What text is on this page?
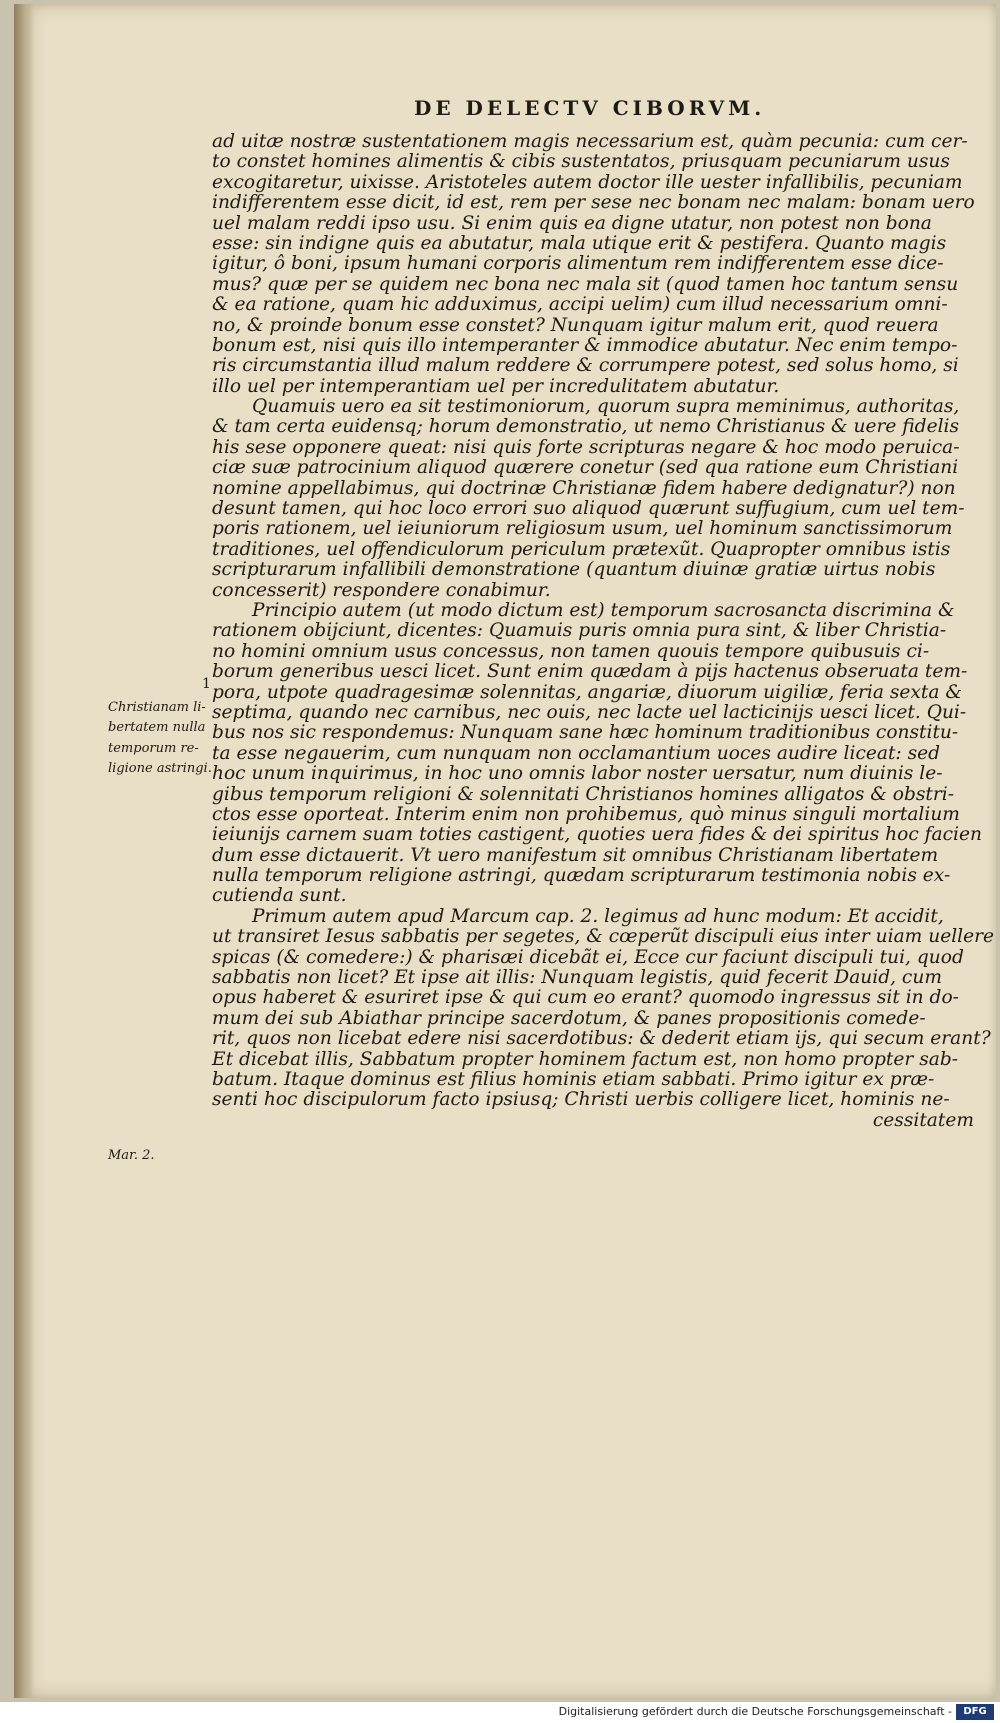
DE DELECTV CIBORVM.
1
Christianam li-
bertatem nulla
temporum re-
ligione astringi.
Mar. 2.
ad uitæ nostræ sustentationem magis necessarium est, quàm pecunia: cum cer-
to constet homines alimentis & cibis sustentatos, priusquam pecuniarum usus
excogitaretur, uixisse. Aristoteles autem doctor ille uester infallibilis, pecuniam
indifferentem esse dicit, id est, rem per sese nec bonam nec malam: bonam uero
uel malam reddi ipso usu. Si enim quis ea digne utatur, non potest non bona
esse: sin indigne quis ea abutatur, mala utique erit & pestifera. Quanto magis
igitur, ô boni, ipsum humani corporis alimentum rem indifferentem esse dice-
mus? quæ per se quidem nec bona nec mala sit (quod tamen hoc tantum sensu
& ea ratione, quam hic adduximus, accipi uelim) cum illud necessarium omni-
no, & proinde bonum esse constet? Nunquam igitur malum erit, quod reuera
bonum est, nisi quis illo intemperanter & immodice abutatur. Nec enim tempo-
ris circumstantia illud malum reddere & corrumpere potest, sed solus homo, si
illo uel per intemperantiam uel per incredulitatem abutatur.
Quamuis uero ea sit testimoniorum, quorum supra meminimus, authoritas,
& tam certa euidensq; horum demonstratio, ut nemo Christianus & uere fidelis
his sese opponere queat: nisi quis forte scripturas negare & hoc modo peruica-
ciæ suæ patrocinium aliquod quærere conetur (sed qua ratione eum Christiani
nomine appellabimus, qui doctrinæ Christianæ fidem habere dedignatur?) non
desunt tamen, qui hoc loco errori suo aliquod quærunt suffugium, cum uel tem-
poris rationem, uel ieiuniorum religiosum usum, uel hominum sanctissimorum
traditiones, uel offendiculorum periculum prætexũt. Quapropter omnibus istis
scripturarum infallibili demonstratione (quantum diuinæ gratiæ uirtus nobis
concesserit) respondere conabimur.
Principio autem (ut modo dictum est) temporum sacrosancta discrimina &
rationem obijciunt, dicentes: Quamuis puris omnia pura sint, & liber Christia-
no homini omnium usus concessus, non tamen quouis tempore quibusuis ci-
borum generibus uesci licet. Sunt enim quædam à pijs hactenus obseruata tem-
pora, utpote quadragesimæ solennitas, angariæ, diuorum uigiliæ, feria sexta &
septima, quando nec carnibus, nec ouis, nec lacte uel lacticinijs uesci licet. Qui-
bus nos sic respondemus: Nunquam sane hæc hominum traditionibus constitu-
ta esse negauerim, cum nunquam non occlamantium uoces audire liceat: sed
hoc unum inquirimus, in hoc uno omnis labor noster uersatur, num diuinis le-
gibus temporum religioni & solennitati Christianos homines alligatos & obstri-
ctos esse oporteat. Interim enim non prohibemus, quò minus singuli mortalium
ieiunijs carnem suam toties castigent, quoties uera fides & dei spiritus hoc facien
dum esse dictauerit. Vt uero manifestum sit omnibus Christianam libertatem
nulla temporum religione astringi, quædam scripturarum testimonia nobis ex-
cutienda sunt.
Primum autem apud Marcum cap. 2. legimus ad hunc modum: Et accidit,
ut transiret Iesus sabbatis per segetes, & cœperũt discipuli eius inter uiam uellere
spicas (& comedere:) & pharisæi dicebãt ei, Ecce cur faciunt discipuli tui, quod
sabbatis non licet? Et ipse ait illis: Nunquam legistis, quid fecerit Dauid, cum
opus haberet & esuriret ipse & qui cum eo erant? quomodo ingressus sit in do-
mum dei sub Abiathar principe sacerdotum, & panes propositionis comede-
rit, quos non licebat edere nisi sacerdotibus: & dederit etiam ijs, qui secum erant?
Et dicebat illis, Sabbatum propter hominem factum est, non homo propter sab-
batum. Itaque dominus est filius hominis etiam sabbati. Primo igitur ex præ-
senti hoc discipulorum facto ipsiusq; Christi uerbis colligere licet, hominis ne-
cessitatem
Digitalisierung gefördert durch die Deutsche Forschungsgemeinschaft -	DFG
